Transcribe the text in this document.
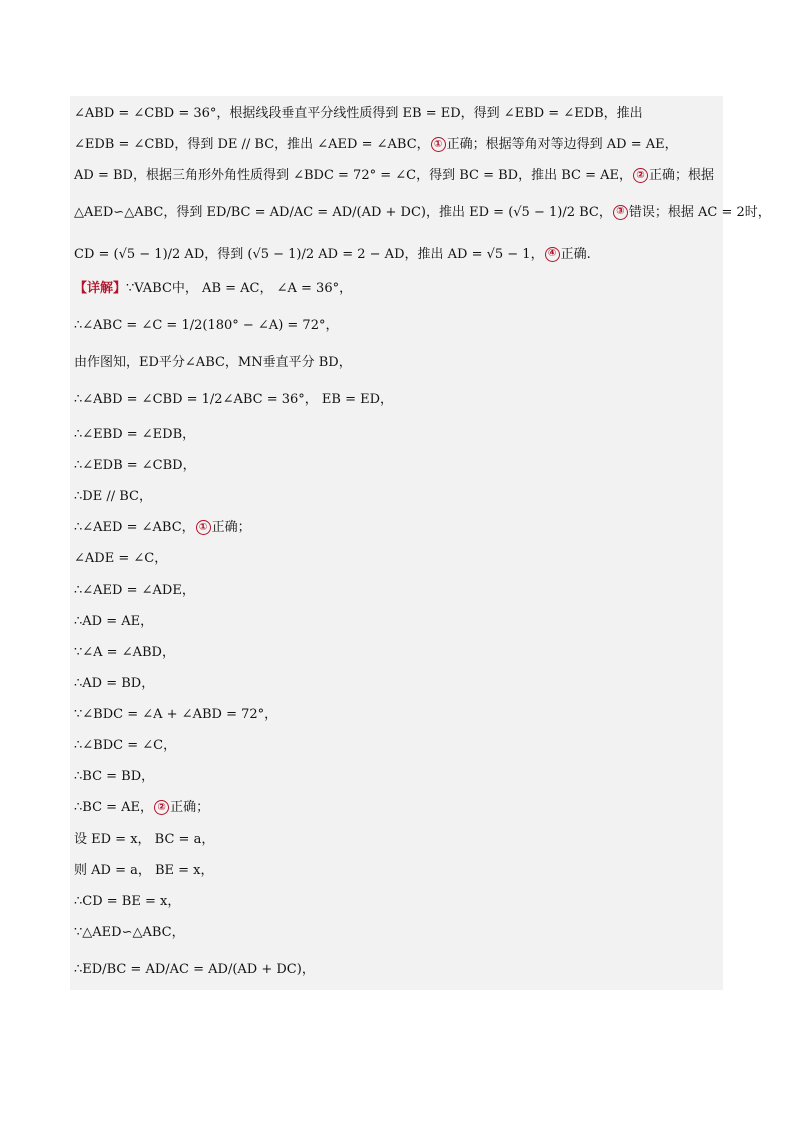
∠ABD = ∠CBD = 36°，根据线段垂直平分线性质得到 EB = ED，得到 ∠EBD = ∠EDB，推出
∠EDB = ∠CBD，得到 DE // BC，推出 ∠AED = ∠ABC， ① 正确；根据等角对等边得到 AD = AE，
AD = BD，根据三角形外角性质得到 ∠BDC = 72° = ∠C，得到 BC = BD，推出 BC = AE， ② 正确；根据
△AED∽△ABC，得到 ED/BC = AD/AC = AD/(AD + DC)，推出 ED = (√5 − 1)/2 BC， ③ 错误；根据 AC = 2时，
CD = (√5 − 1)/2 AD，得到 (√5 − 1)/2 AD = 2 − AD，推出 AD = √5 − 1， ④ 正确.
【详解】 ∵VABC中， AB = AC， ∠A = 36°，
∴∠ABC = ∠C = 1/2(180° − ∠A) = 72°，
由作图知，ED平分∠ABC，MN垂直平分 BD，
∴∠ABD = ∠CBD = 1/2∠ABC = 36°， EB = ED，
∴∠EBD = ∠EDB，
∴∠EDB = ∠CBD，
∴DE // BC，
∴∠AED = ∠ABC， ① 正确；
∠ADE = ∠C，
∴∠AED = ∠ADE，
∴AD = AE，
∵∠A = ∠ABD，
∴AD = BD，
∵∠BDC = ∠A + ∠ABD = 72°，
∴∠BDC = ∠C，
∴BC = BD，
∴BC = AE， ② 正确；
设 ED = x， BC = a，
则 AD = a， BE = x，
∴CD = BE = x，
∵△AED∽△ABC，
∴ED/BC = AD/AC = AD/(AD + DC)，
